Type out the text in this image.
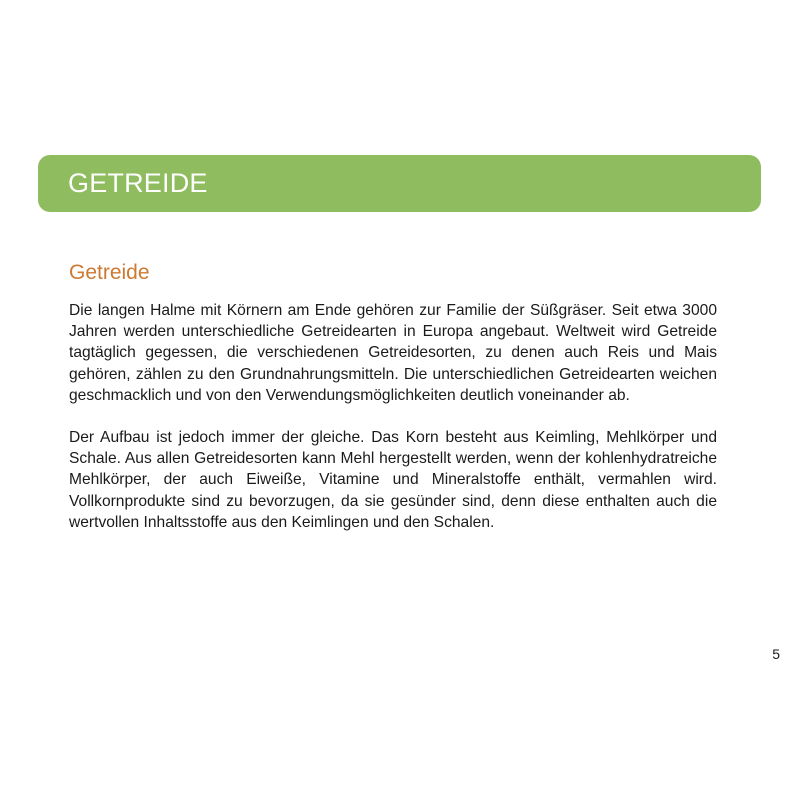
GETREIDE
Getreide

Die langen Halme mit Körnern am Ende gehören zur Familie der Süßgräser. Seit etwa 3000 Jahren werden unterschiedliche Getreidearten in Europa angebaut. Weltweit wird Getreide tagtäglich gegessen, die verschiedenen Getreidesorten, zu denen auch Reis und Mais gehören, zählen zu den Grundnahrungsmitteln. Die unterschiedlichen Getreidearten weichen geschmacklich und von den Verwendungsmöglichkeiten deutlich voneinander ab.

Der Aufbau ist jedoch immer der gleiche. Das Korn besteht aus Keimling, Mehlkörper und Schale. Aus allen Getreidesorten kann Mehl hergestellt werden, wenn der kohlenhydratreiche Mehlkörper, der auch Eiweiße, Vitamine und Mineralstoffe enthält, vermahlen wird. Vollkornprodukte sind zu bevorzugen, da sie gesünder sind, denn diese enthalten auch die wertvollen Inhaltsstoffe aus den Keimlingen und den Schalen.

5
